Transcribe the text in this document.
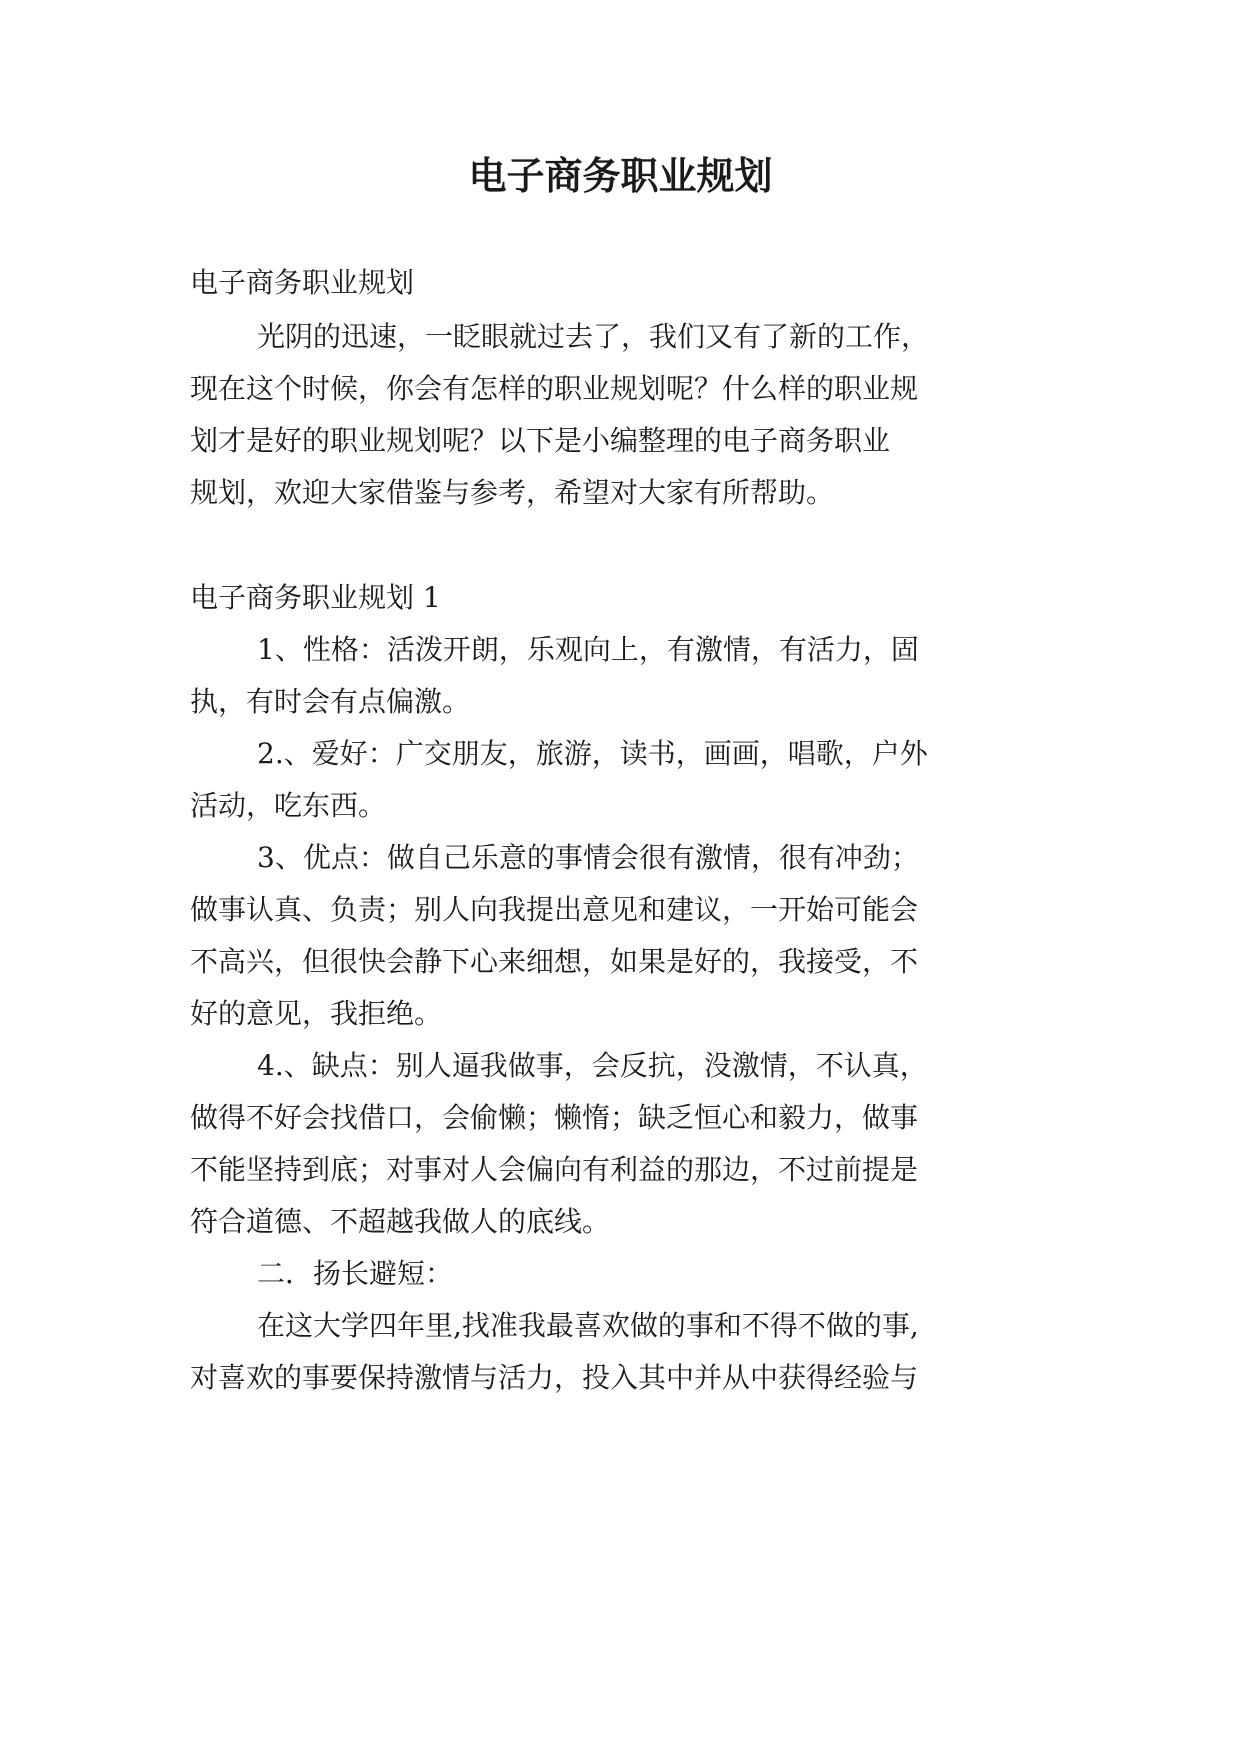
电子商务职业规划

电子商务职业规划

光阴的迅速，一眨眼就过去了，我们又有了新的工作，

现在这个时候，你会有怎样的职业规划呢？什么样的职业规

划才是好的职业规划呢？以下是小编整理的电子商务职业

规划，欢迎大家借鉴与参考，希望对大家有所帮助。

电子商务职业规划 1

1、性格：活泼开朗，乐观向上，有激情，有活力，固

执，有时会有点偏激。

2.、爱好：广交朋友，旅游，读书，画画，唱歌，户外

活动，吃东西。

3、优点：做自己乐意的事情会很有激情，很有冲劲；

做事认真、负责；别人向我提出意见和建议，一开始可能会

不高兴，但很快会静下心来细想，如果是好的，我接受，不

好的意见，我拒绝。

4.、缺点：别人逼我做事，会反抗，没激情，不认真，

做得不好会找借口，会偷懒；懒惰；缺乏恒心和毅力，做事

不能坚持到底；对事对人会偏向有利益的那边，不过前提是

符合道德、不超越我做人的底线。

二．扬长避短：

在这大学四年里,找准我最喜欢做的事和不得不做的事,

对喜欢的事要保持激情与活力，投入其中并从中获得经验与
